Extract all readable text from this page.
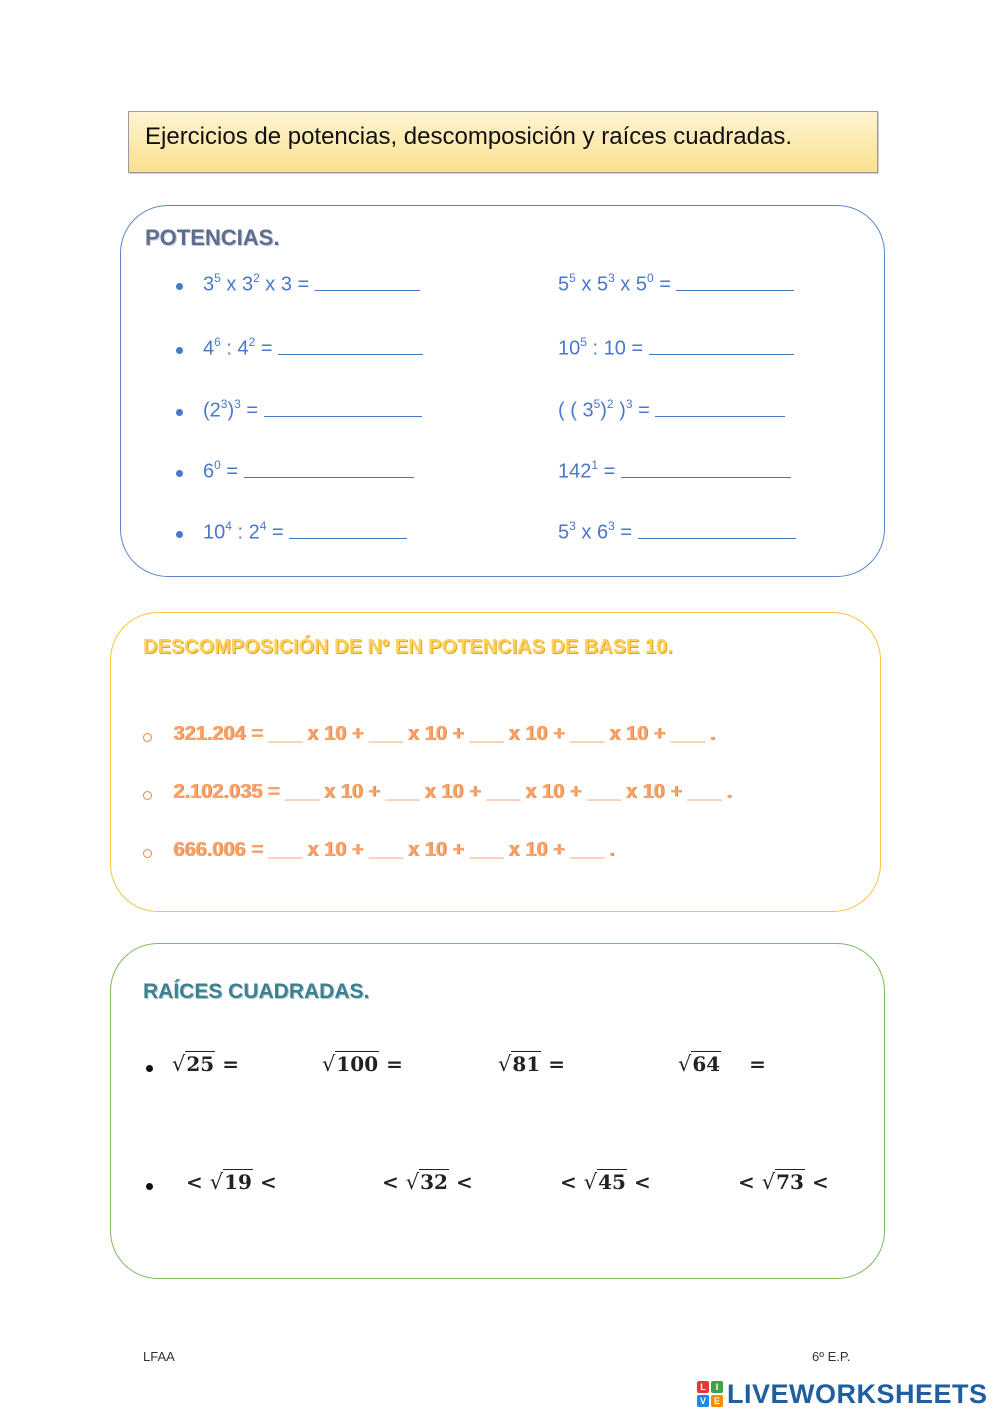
Ejercicios de potencias, descomposición y raíces cuadradas.
POTENCIAS.
DESCOMPOSICIÓN DE Nº EN POTENCIAS DE BASE 10.
321.204 = ___ x 10 + ___ x 10 + ___ x 10 + ___ x 10 + ___ .
2.102.035 = ___ x 10 + ___ x 10 + ___ x 10 + ___ x 10 + ___ .
666.006 = ___ x 10 + ___ x 10 + ___ x 10 + ___ .
RAÍCES CUADRADAS.
√25 =	√100 =	√81 =	√64    =
< √19 <	< √32 <	< √45 <	< √73 <
LFAA	6º E.P.
L	I
V E LIVEWORKSHEETS
$3^5$ x $3^2$ x 3 =
$4^6$ : $4^2$ =
$(2^3)^3$ =
$6^0$ =
$10^4$ : $2^4$ =
$5^5$ x $5^3$ x $5^0$ =
$10^5$ : 10 =
( ( $3^5)^2$ )$^3$ =
$142^1$ =
$5^3$ x $6^3$ =
